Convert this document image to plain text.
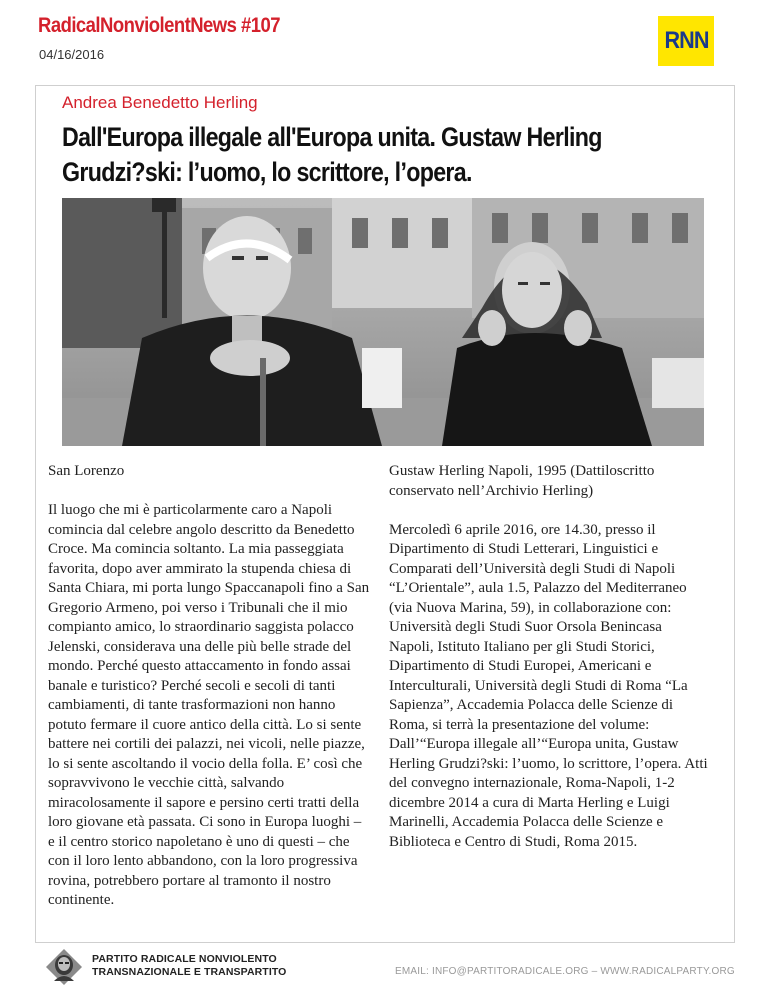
RadicalNonviolentNews #107
04/16/2016
RNN
Andrea Benedetto Herling
Dall'Europa illegale all'Europa unita. Gustaw Herling
Grudzi?ski: l’uomo, lo scrittore, l’opera.

San Lorenzo

Il luogo che mi è particolarmente caro a Napoli comincia dal celebre angolo descritto da Benedetto Croce. Ma comincia soltanto. La mia passeggiata favorita, dopo aver ammirato la stupenda chiesa di Santa Chiara, mi porta lungo Spaccanapoli fino a San Gregorio Armeno, poi verso i Tribunali che il mio compianto amico, lo straordinario saggista polacco Jelenski, considerava una delle più belle strade del mondo. Perché questo attaccamento in fondo assai banale e turistico? Perché secoli e secoli di tanti cambiamenti, di tante trasformazioni non hanno potuto fermare il cuore antico della città. Lo si sente battere nei cortili dei palazzi, nei vicoli, nelle piazze, lo si sente ascoltando il vocio della folla. E’ così che sopravvivono le vecchie città, salvando miracolosamente il sapore e persino certi tratti della loro giovane età passata. Ci sono in Europa luoghi – e il centro storico napoletano è uno di questi – che con il loro lento abbandono, con la loro progressiva rovina, potrebbero portare al tramonto il nostro continente.

Gustaw Herling Napoli, 1995 (Dattiloscritto conservato nell’Archivio Herling)

Mercoledì 6 aprile 2016, ore 14.30, presso il Dipartimento di Studi Letterari, Linguistici e Comparati dell’Università degli Studi di Napoli “L’Orientale”, aula 1.5, Palazzo del Mediterraneo (via Nuova Marina, 59), in collaborazione con: Università degli Studi Suor Orsola Benincasa Napoli, Istituto Italiano per gli Studi Storici, Dipartimento di Studi Europei, Americani e Interculturali, Università degli Studi di Roma “La Sapienza”, Accademia Polacca delle Scienze di Roma, si terrà la presentazione del volume: Dall’“Europa illegale all’“Europa unita, Gustaw Herling Grudzi?ski: l’uomo, lo scrittore, l’opera. Atti del convegno internazionale, Roma-Napoli, 1-2 dicembre 2014 a cura di Marta Herling e Luigi Marinelli, Accademia Polacca delle Scienze e Biblioteca e Centro di Studi, Roma 2015.

PARTITO RADICALE NONVIOLENTO
TRANSNAZIONALE E TRANSPARTITO	EMAIL: INFO@PARTITORADICALE.ORG – WWW.RADICALPARTY.ORG
